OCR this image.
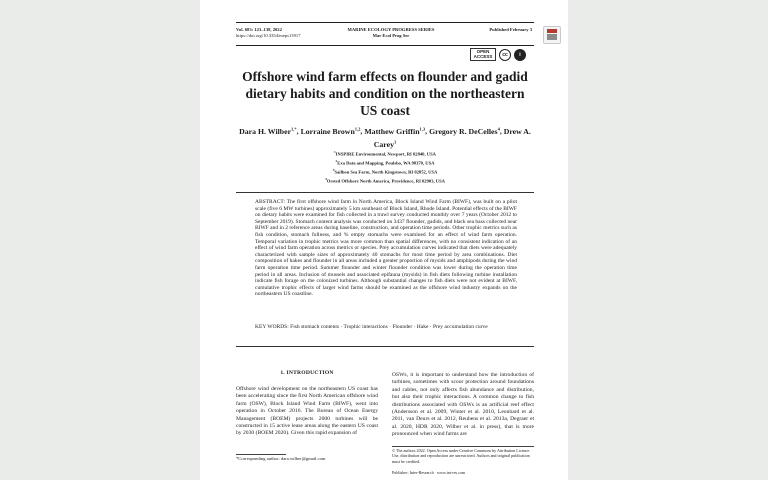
Vol. 683: 123–138, 2022
https://doi.org/10.3354/meps13917
MARINE ECOLOGY PROGRESS SERIES
Mar Ecol Prog Ser
Published February 3
OPEN
ACCESS	cc	i
Offshore wind farm effects on flounder and gadid dietary habits and condition on the northeastern US coast
Dara H. Wilber$^{1,*}$, Lorraine Brown$^{1,2}$, Matthew Griffin$^{1,3}$, Gregory R. DeCelles$^4$, Drew A. Carey$^1$
$^1$INSPIRE Environmental, Newport, RI 02840, USA
$^2$Exa Data and Mapping, Poulsbo, WA 98370, USA
$^3$Sailbon Sea Farm, North Kingstown, RI 02852, USA
$^4$Orsted Offshore North America, Providence, RI 02903, USA
ABSTRACT: The first offshore wind farm in North America, Block Island Wind Farm (BIWF), was built on a pilot scale (five 6 MW turbines) approximately 5 km southeast of Block Island, Rhode Island. Potential effects of the BIWF on dietary habits were examined for fish collected in a trawl survey conducted monthly over 7 years (October 2012 to September 2019). Stomach content analysis was conducted on 3437 flounder, gadids, and black sea bass collected near BIWF and in 2 reference areas during baseline, construction, and operation time periods. Other trophic metrics such as fish condition, stomach fullness, and % empty stomachs were examined for an effect of wind farm operation. Temporal variation in trophic metrics was more common than spatial differences, with no consistent indication of an effect of wind farm operation across metrics or species. Prey accumulation curves indicated that diets were adequately characterized with sample sizes of approximately 40 stomachs for most time period by area combinations. Diet composition of hakes and flounder in all areas included a greater proportion of mysids and amphipods during the wind farm operation time period. Summer flounder and winter flounder condition was lower during the operation time period in all areas. Inclusion of mussels and associated epifauna (mysids) in fish diets following turbine installation indicate fish forage on the colonized turbines. Although substantial changes to fish diets were not evident at BIWF, cumulative trophic effects of larger wind farms should be examined as the offshore wind industry expands on the northeastern US coastline.
KEY WORDS: Fish stomach contents · Trophic interactions · Flounder · Hake · Prey accumulation curve
1. INTRODUCTION
Offshore wind development on the northeastern US coast has been accelerating since the first North American offshore wind farm (OSW), Block Island Wind Farm (BIWF), went into operation in October 2016. The Bureau of Ocean Energy Management (BOEM) projects 2000 turbines will be constructed in 15 active lease areas along the eastern US coast by 2030 (BOEM 2020). Given this rapid expansion of
OSWs, it is important to understand how the introduction of turbines, sometimes with scour protection around foundations and cables, not only affects fish abundance and distribution, but also their trophic interactions. A common change to fish distributions associated with OSWs is an artificial reef effect (Andersson et al. 2009, Winter et al. 2010, Leonhard et al. 2011, van Deurs et al. 2012, Reubens et al. 2013a, Degraer et al. 2020, HDR 2020, Wilber et al. in press), that is more pronounced when wind farms are
*Corresponding author: dara.wilber@gmail.com
© The authors 2022. Open Access under Creative Commons by Attribution Licence. Use, distribution and reproduction are unrestricted. Authors and original publication must be credited.
Publisher: Inter-Research · www.int-res.com
